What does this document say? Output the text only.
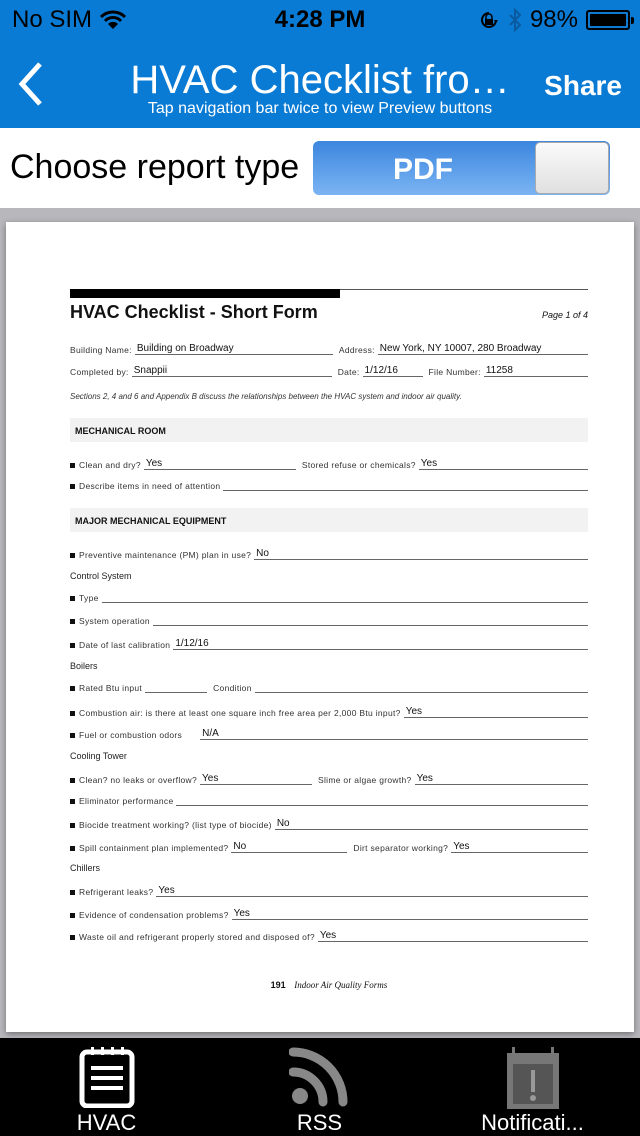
No SIM	4:28 PM	98%
HVAC Checklist fro…
Tap navigation bar twice to view Preview buttons
Share
Choose report type	PDF
HVAC Checklist - Short Form	Page 1 of 4
Building Name: Building on Broadway	Address: New York, NY 10007, 280 Broadway
Completed by: Snappii	Date: 1/12/16	File Number: 11258
Sections 2, 4 and 6 and Appendix B discuss the relationships between the HVAC system and indoor air quality.
MECHANICAL ROOM
Clean and dry? Yes	Stored refuse or chemicals? Yes
Describe items in need of attention
MAJOR MECHANICAL EQUIPMENT
Preventive maintenance (PM) plan in use? No
Control System
Type
System operation
Date of last calibration 1/12/16
Boilers
Rated Btu input	Condition
Combustion air: is there at least one square inch free area per 2,000 Btu input? Yes
Fuel or combustion odors N/A
Cooling Tower
Clean? no leaks or overflow? Yes	Slime or algae growth? Yes
Eliminator performance
Biocide treatment working? (list type of biocide) No
Spill containment plan implemented? No	Dirt separator working? Yes
Chillers
Refrigerant leaks? Yes
Evidence of condensation problems? Yes
Waste oil and refrigerant properly stored and disposed of? Yes
191 Indoor Air Quality Forms
HVAC	RSS	Notificati...
